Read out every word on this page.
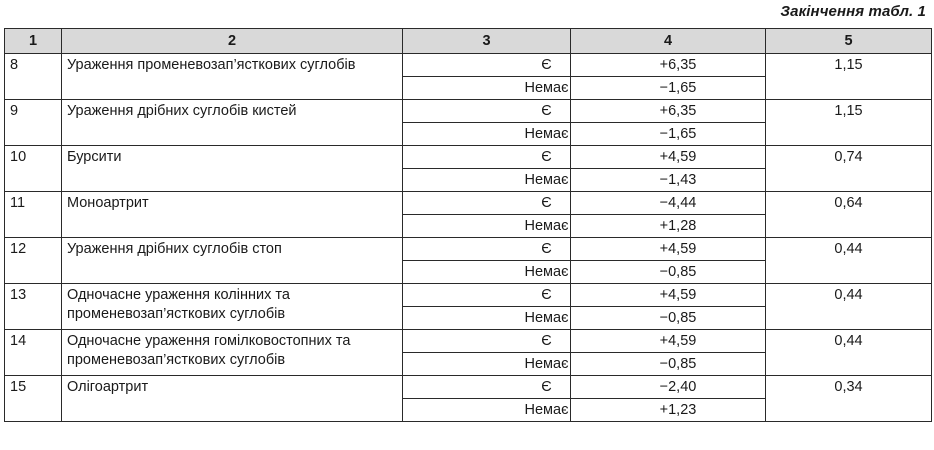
Закінчення табл. 1
1	2	3	4	5
8	Ураження променевозап’ясткових суглобів	Є	+6,35	1,15
		Немає	−1,65	
9	Ураження дрібних суглобів кистей	Є	+6,35	1,15
		Немає	−1,65	
10	Бурсити	Є	+4,59	0,74
		Немає	−1,43	
11	Моноартрит	Є	−4,44	0,64
		Немає	+1,28	
12	Ураження дрібних суглобів стоп	Є	+4,59	0,44
		Немає	−0,85	
13	Одночасне ураження колінних та променевозап’ясткових суглобів	Є	+4,59	0,44
		Немає	−0,85	
14	Одночасне ураження гомілковостопних та променевозап’ясткових суглобів	Є	+4,59	0,44
		Немає	−0,85	
15	Олігоартрит	Є	−2,40	0,34
		Немає	+1,23	
